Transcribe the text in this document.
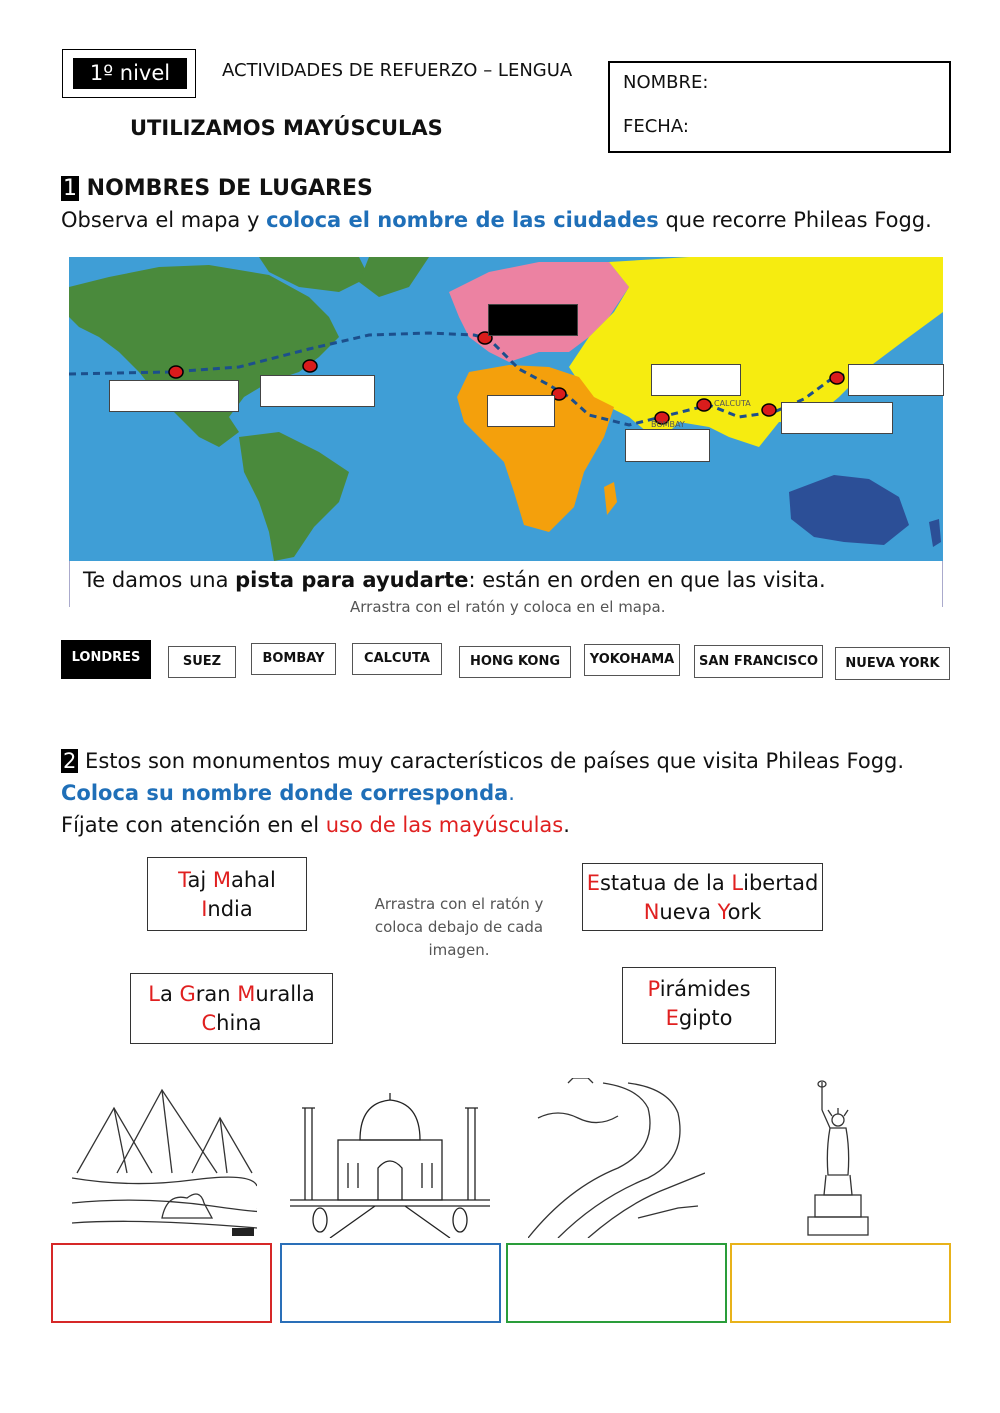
1º nivel	ACTIVIDADES DE REFUERZO – LENGUA
NOMBRE:
FECHA:
UTILIZAMOS MAYÚSCULAS
1 NOMBRES DE LUGARES
Observa el mapa y coloca el nombre de las ciudades que recorre Phileas Fogg.
CALCUTA
BOMBAY
Te damos una pista para ayudarte: están en orden en que las visita.
Arrastra con el ratón y coloca en el mapa.
LONDRES	SUEZ	BOMBAY	CALCUTA	HONG KONG	YOKOHAMA	SAN FRANCISCO	NUEVA YORK
2 Estos son monumentos muy característicos de países que visita Phileas Fogg.
Coloca su nombre donde corresponda.
Fíjate con atención en el uso de las mayúsculas.
Taj Mahal
India
Estatua de la Libertad
Nueva York
Arrastra con el ratón y
coloca debajo de cada
imagen.
La Gran Muralla
China
Pirámides
Egipto
